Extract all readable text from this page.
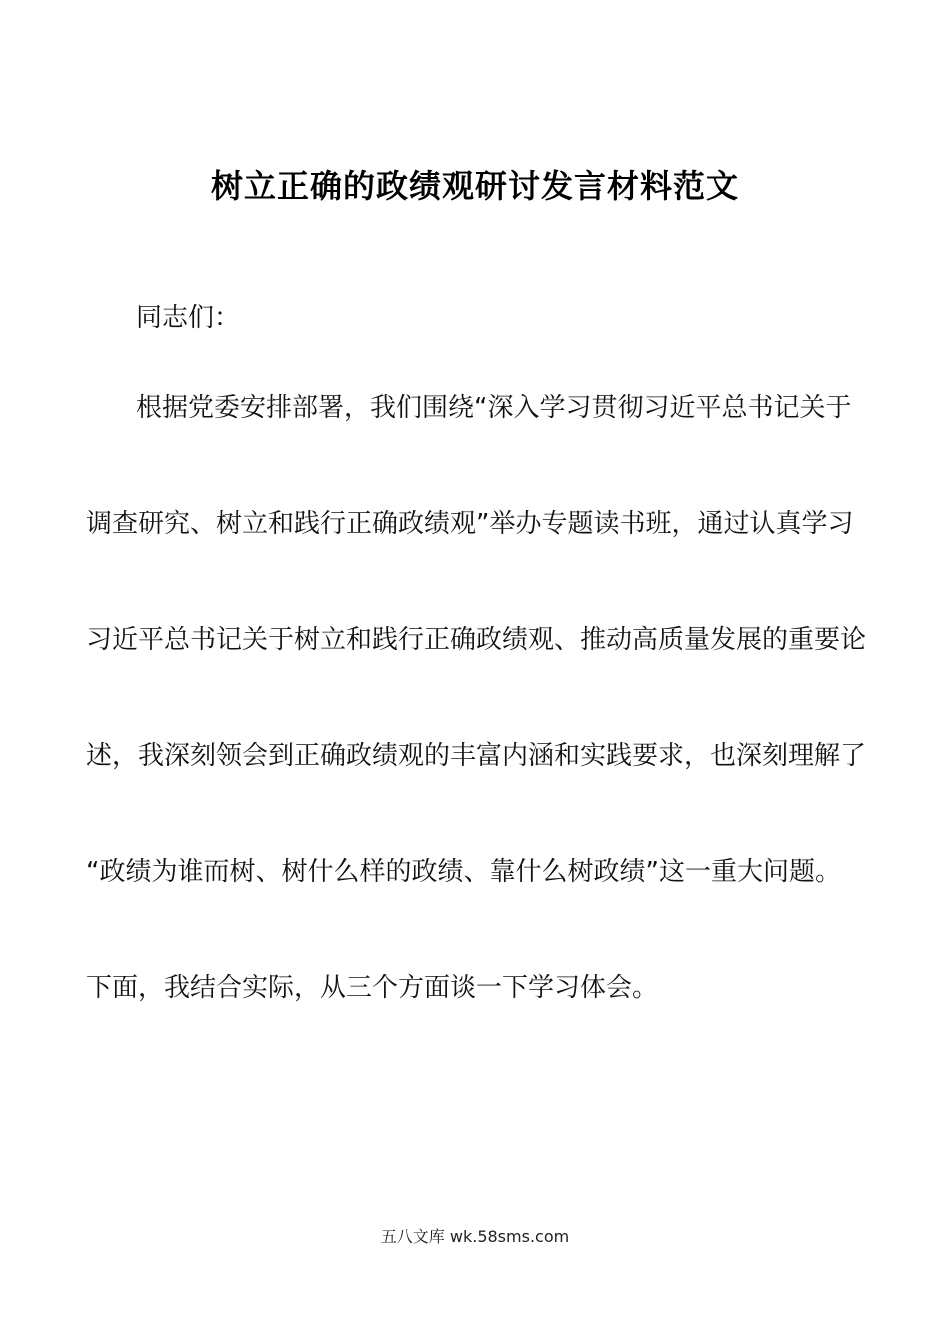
树立正确的政绩观研讨发言材料范文
同志们：
根据党委安排部署，我们围绕“深入学习贯彻习近平总书记关于
调查研究、树立和践行正确政绩观”举办专题读书班，通过认真学习
习近平总书记关于树立和践行正确政绩观、推动高质量发展的重要论
述，我深刻领会到正确政绩观的丰富内涵和实践要求，也深刻理解了
“政绩为谁而树、树什么样的政绩、靠什么树政绩”这一重大问题。
下面，我结合实际，从三个方面谈一下学习体会。
五八文库 wk.58sms.com
